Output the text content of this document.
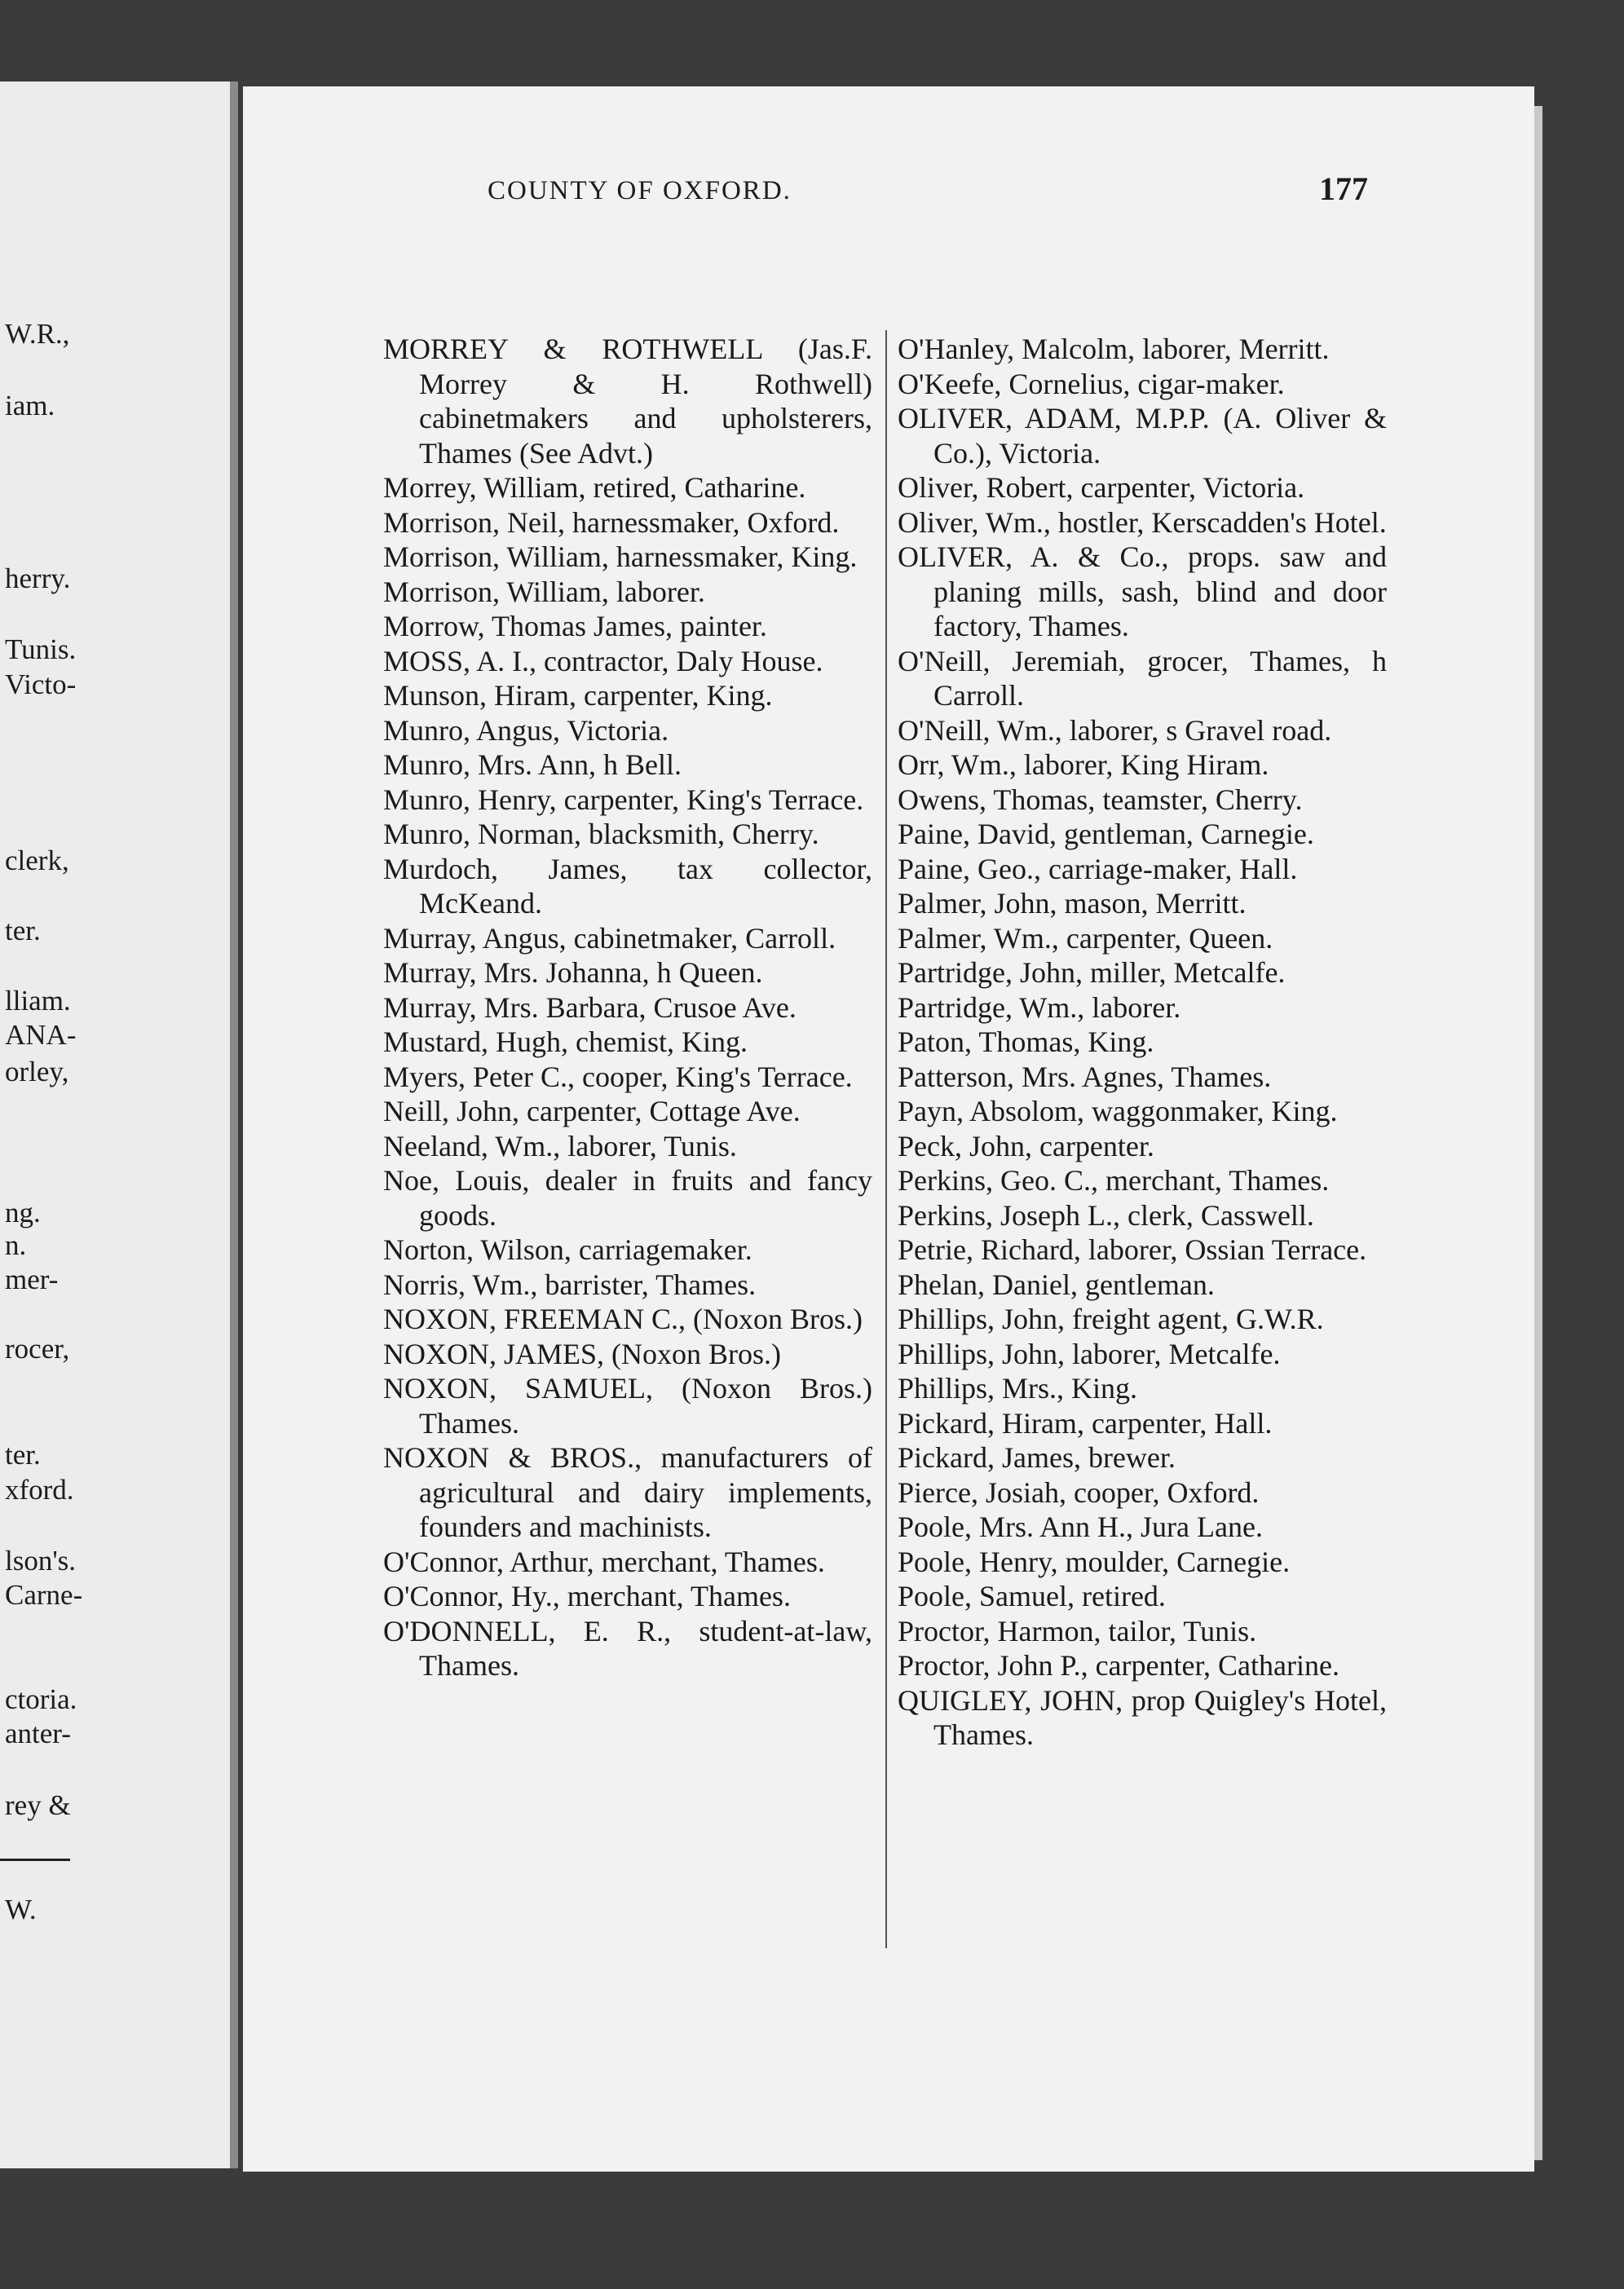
W.R.,
iam.
herry.
Tunis.
Victo-
clerk,
ter.
lliam.
ANA-
orley,
ng.
n.
mer-
rocer,
ter.
xford.
lson's.
Carne-
ctoria.
anter-
rey &
W.
COUNTY OF OXFORD.	177
MORREY & ROTHWELL (Jas.F. Morrey & H. Rothwell) cabinetmakers and upholsterers, Thames (See Advt.)
Morrey, William, retired, Catharine.
Morrison, Neil, harnessmaker, Oxford.
Morrison, William, harnessmaker, King.
Morrison, William, laborer.
Morrow, Thomas James, painter.
MOSS, A. I., contractor, Daly House.
Munson, Hiram, carpenter, King.
Munro, Angus, Victoria.
Munro, Mrs. Ann, h Bell.
Munro, Henry, carpenter, King's Terrace.
Munro, Norman, blacksmith, Cherry.
Murdoch, James, tax collector, McKeand.
Murray, Angus, cabinetmaker, Carroll.
Murray, Mrs. Johanna, h Queen.
Murray, Mrs. Barbara, Crusoe Ave.
Mustard, Hugh, chemist, King.
Myers, Peter C., cooper, King's Terrace.
Neill, John, carpenter, Cottage Ave.
Neeland, Wm., laborer, Tunis.
Noe, Louis, dealer in fruits and fancy goods.
Norton, Wilson, carriagemaker.
Norris, Wm., barrister, Thames.
NOXON, FREEMAN C., (Noxon Bros.)
NOXON, JAMES, (Noxon Bros.)
NOXON, SAMUEL, (Noxon Bros.) Thames.
NOXON & BROS., manufacturers of agricultural and dairy implements, founders and machinists.
O'Connor, Arthur, merchant, Thames.
O'Connor, Hy., merchant, Thames.
O'DONNELL, E. R., student-at-law, Thames.
O'Hanley, Malcolm, laborer, Merritt.
O'Keefe, Cornelius, cigar-maker.
OLIVER, ADAM, M.P.P. (A. Oliver & Co.), Victoria.
Oliver, Robert, carpenter, Victoria.
Oliver, Wm., hostler, Kerscadden's Hotel.
OLIVER, A. & Co., props. saw and planing mills, sash, blind and door factory, Thames.
O'Neill, Jeremiah, grocer, Thames, h Carroll.
O'Neill, Wm., laborer, s Gravel road.
Orr, Wm., laborer, King Hiram.
Owens, Thomas, teamster, Cherry.
Paine, David, gentleman, Carnegie.
Paine, Geo., carriage-maker, Hall.
Palmer, John, mason, Merritt.
Palmer, Wm., carpenter, Queen.
Partridge, John, miller, Metcalfe.
Partridge, Wm., laborer.
Paton, Thomas, King.
Patterson, Mrs. Agnes, Thames.
Payn, Absolom, waggonmaker, King.
Peck, John, carpenter.
Perkins, Geo. C., merchant, Thames.
Perkins, Joseph L., clerk, Casswell.
Petrie, Richard, laborer, Ossian Terrace.
Phelan, Daniel, gentleman.
Phillips, John, freight agent, G.W.R.
Phillips, John, laborer, Metcalfe.
Phillips, Mrs., King.
Pickard, Hiram, carpenter, Hall.
Pickard, James, brewer.
Pierce, Josiah, cooper, Oxford.
Poole, Mrs. Ann H., Jura Lane.
Poole, Henry, moulder, Carnegie.
Poole, Samuel, retired.
Proctor, Harmon, tailor, Tunis.
Proctor, John P., carpenter, Catharine.
QUIGLEY, JOHN, prop Quigley's Hotel, Thames.
